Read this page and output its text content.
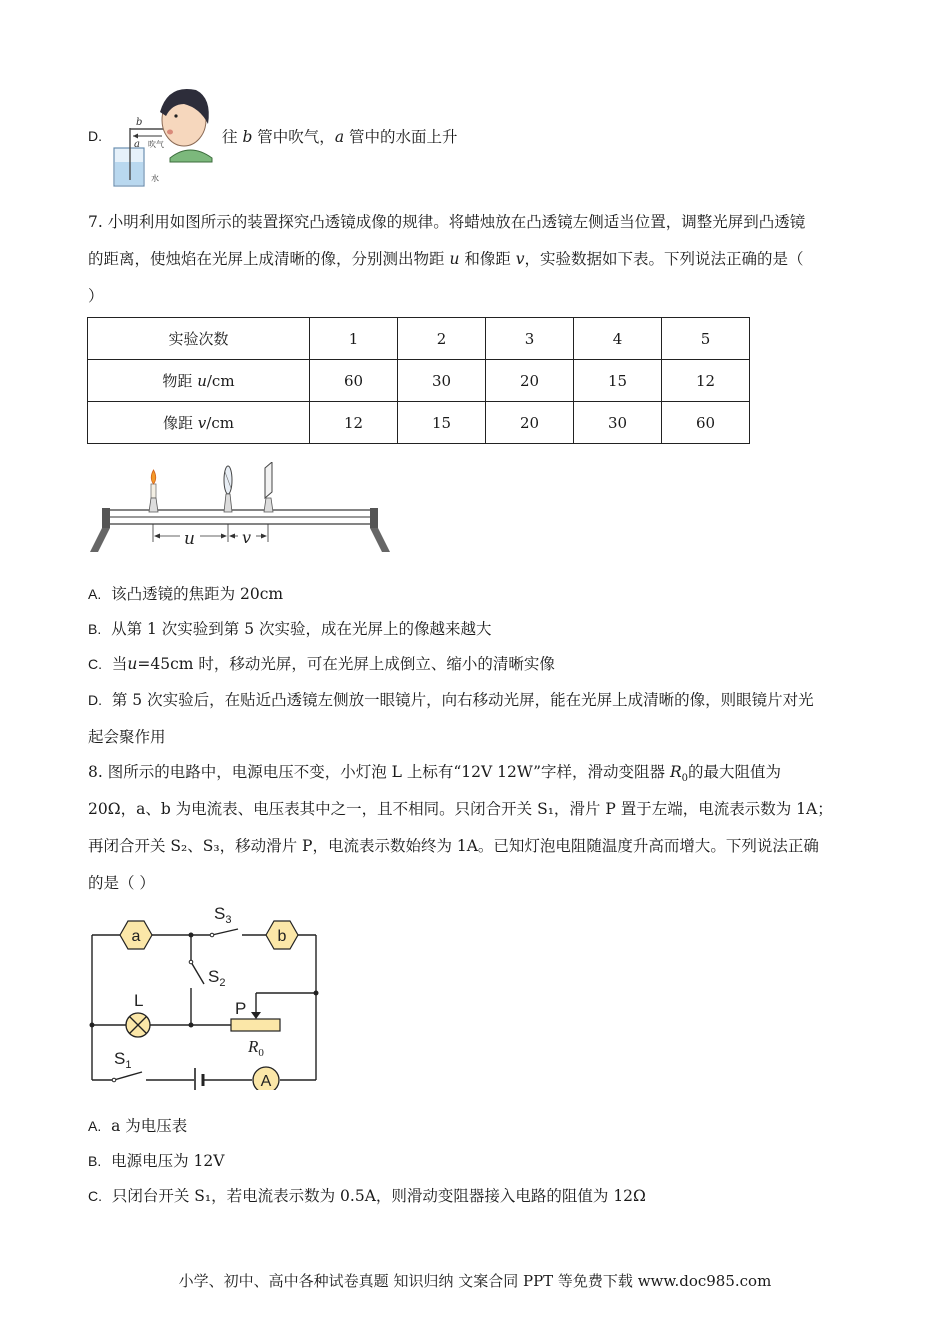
D.
b
a 吹气
水
往 b 管中吹气，a 管中的水面上升
7. 小明利用如图所示的装置探究凸透镜成像的规律。将蜡烛放在凸透镜左侧适当位置，调整光屏到凸透镜
的距离，使烛焰在光屏上成清晰的像，分别测出物距 u 和像距 v，实验数据如下表。下列说法正确的是（
）
实验次数	1	2	3	4	5
物距 u/cm	60	30	20	15	12
像距 v/cm	12	15	20	30	60
u	v
A. 该凸透镜的焦距为 20cm
B. 从第 1 次实验到第 5 次实验，成在光屏上的像越来越大
C. 当u=45cm 时，移动光屏，可在光屏上成倒立、缩小的清晰实像
D. 第 5 次实验后，在贴近凸透镜左侧放一眼镜片，向右移动光屏，能在光屏上成清晰的像，则眼镜片对光
起会聚作用
8. 图所示的电路中，电源电压不变，小灯泡 L 上标有“12V 12W”字样，滑动变阻器 $R_0$的最大阻值为
20Ω，a、b 为电流表、电压表其中之一，且不相同。只闭合开关 S₁，滑片 P 置于左端，电流表示数为 1A；
再闭合开关 S₂、S₃，移动滑片 P，电流表示数始终为 1A。已知灯泡电阻随温度升高而增大。下列说法正确
的是（ ）
a	b
L	P
$R_0$
A
$S_3$
$S_2$
$S_1$
A. a 为电压表
B. 电源电压为 12V
C. 只闭台开关 S₁，若电流表示数为 0.5A，则滑动变阻器接入电路的阻值为 12Ω
小学、初中、高中各种试卷真题 知识归纳 文案合同 PPT 等免费下载 www.doc985.com
